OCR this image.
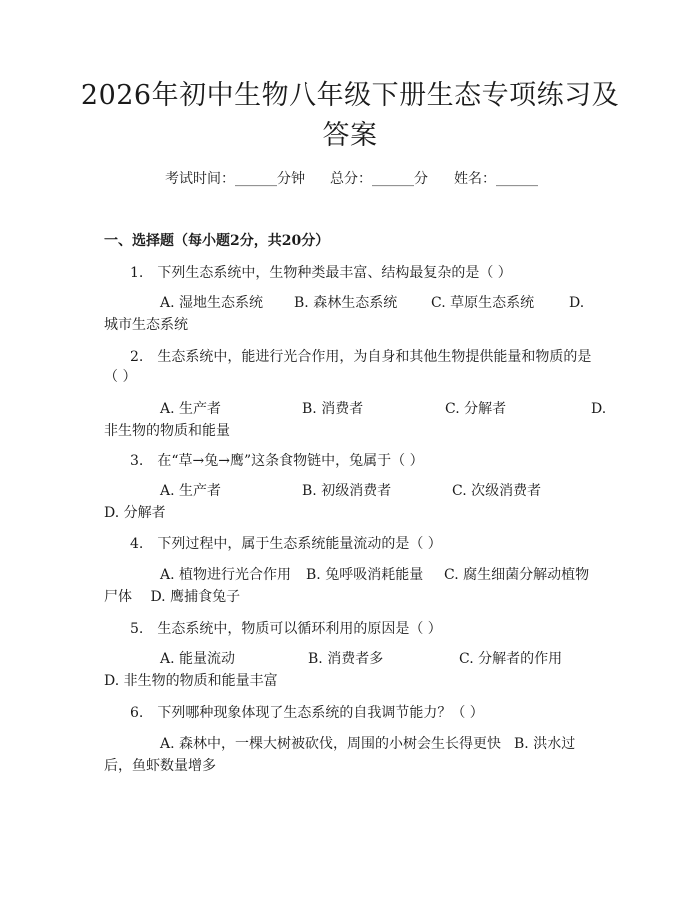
2026年初中生物八年级下册生态专项练习及答案
考试时间：______分钟 总分：______分 姓名：______
一、选择题（每小题2分，共20分）
1.　下列生态系统中，生物种类最丰富、结构最复杂的是（ ）
A. 湿地生态系统 B. 森林生态系统 C. 草原生态系统 D.
城市生态系统
2.　生态系统中，能进行光合作用，为自身和其他生物提供能量和物质的是
（ ）
A. 生产者	B. 消费者	C. 分解者	D.
非生物的物质和能量
3.　在“草→兔→鹰”这条食物链中，兔属于（ ）
A. 生产者	B. 初级消费者	C. 次级消费者
D. 分解者
4.　下列过程中，属于生态系统能量流动的是（ ）
A. 植物进行光合作用 B. 兔呼吸消耗能量 C. 腐生细菌分解动植物
尸体　 D. 鹰捕食兔子
5.　生态系统中，物质可以循环利用的原因是（ ）
A. 能量流动	B. 消费者多	C. 分解者的作用
D. 非生物的物质和能量丰富
6.　下列哪种现象体现了生态系统的自我调节能力？（ ）
A. 森林中，一棵大树被砍伐，周围的小树会生长得更快 B. 洪水过
后，鱼虾数量增多
